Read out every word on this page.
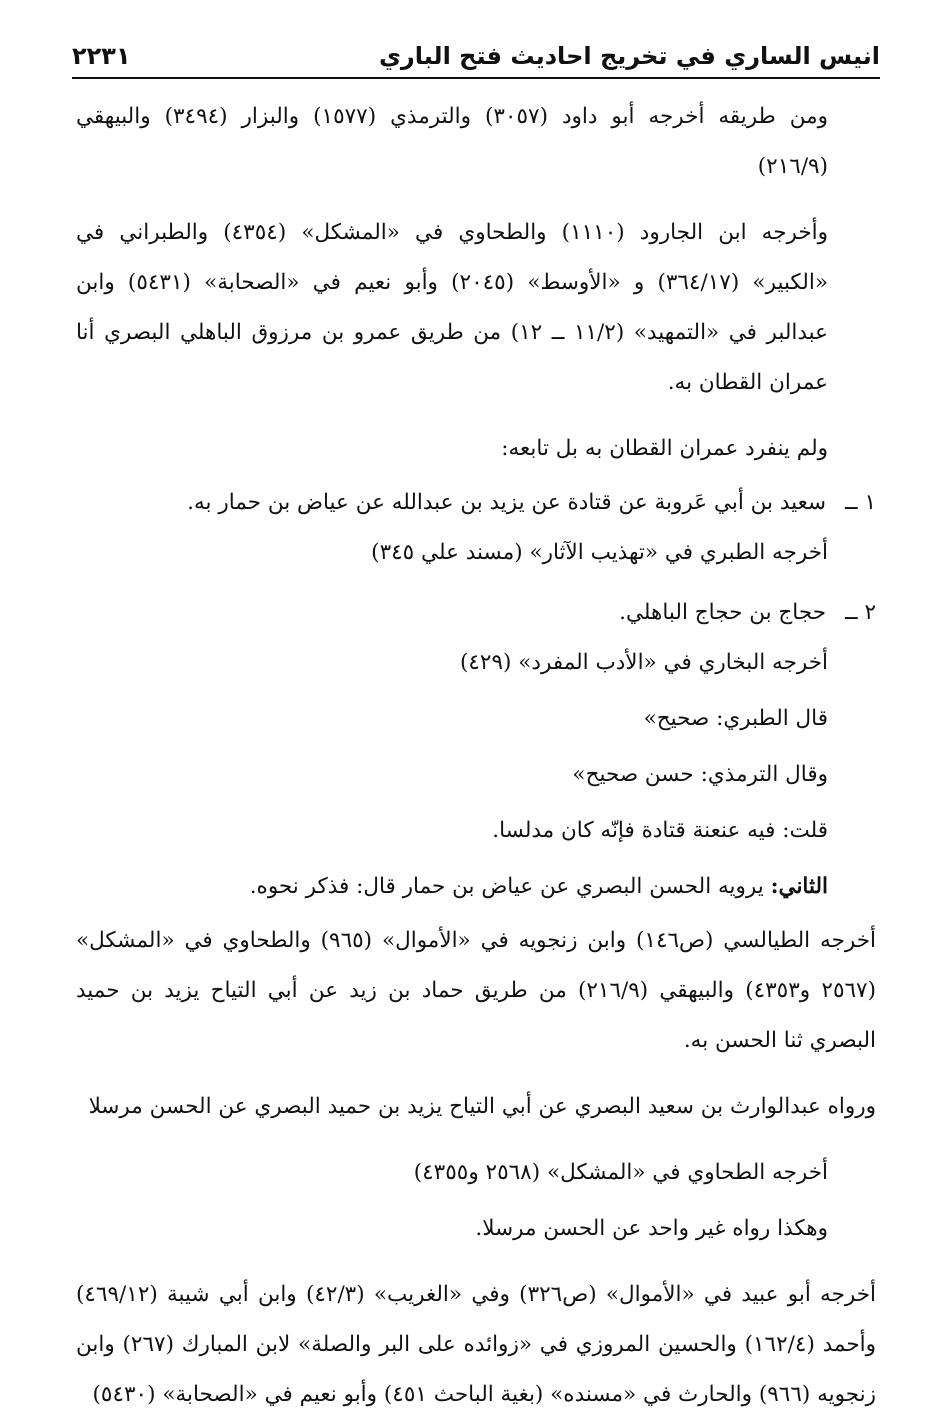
انيس الساري في تخريج احاديث فتح الباري
٢٢٣١

ومن طريقه أخرجه أبو داود (٣٠٥٧) والترمذي (١٥٧٧) والبزار (٣٤٩٤) والبيهقي (٢١٦/٩)

وأخرجه ابن الجارود (١١١٠) والطحاوي في «المشكل» (٤٣٥٤) والطبراني في «الكبير» (٣٦٤/١٧) و «الأوسط» (٢٠٤٥) وأبو نعيم في «الصحابة» (٥٤٣١) وابن عبدالبر في «التمهيد» (١١/٢ ــ ١٢) من طريق عمرو بن مرزوق الباهلي البصري أنا عمران القطان به.

ولم ينفرد عمران القطان به بل تابعه:

١ ــ
سعيد بن أبي عَروبة عن قتادة عن يزيد بن عبدالله عن عياض بن حمار به.

أخرجه الطبري في «تهذيب الآثار» (مسند علي ٣٤٥)

٢ ــ
حجاج بن حجاج الباهلي.

أخرجه البخاري في «الأدب المفرد» (٤٢٩)

قال الطبري: صحيح»

وقال الترمذي: حسن صحيح»

قلت: فيه عنعنة قتادة فإنّه كان مدلسا.

الثاني: يرويه الحسن البصري عن عياض بن حمار قال: فذكر نحوه.

أخرجه الطيالسي (ص١٤٦) وابن زنجويه في «الأموال» (٩٦٥) والطحاوي في «المشكل» (٢٥٦٧ و٤٣٥٣) والبيهقي (٢١٦/٩) من طريق حماد بن زيد عن أبي التياح يزيد بن حميد البصري ثنا الحسن به.

ورواه عبدالوارث بن سعيد البصري عن أبي التياح يزيد بن حميد البصري عن الحسن مرسلا

أخرجه الطحاوي في «المشكل» (٢٥٦٨ و٤٣٥٥)

وهكذا رواه غير واحد عن الحسن مرسلا.

أخرجه أبو عبيد في «الأموال» (ص٣٢٦) وفي «الغريب» (٤٢/٣) وابن أبي شيبة (٤٦٩/١٢) وأحمد (١٦٢/٤) والحسين المروزي في «زوائده على البر والصلة» لابن المبارك (٢٦٧) وابن زنجويه (٩٦٦) والحارث في «مسنده» (بغية الباحث ٤٥١) وأبو نعيم في «الصحابة» (٥٤٣٠)
